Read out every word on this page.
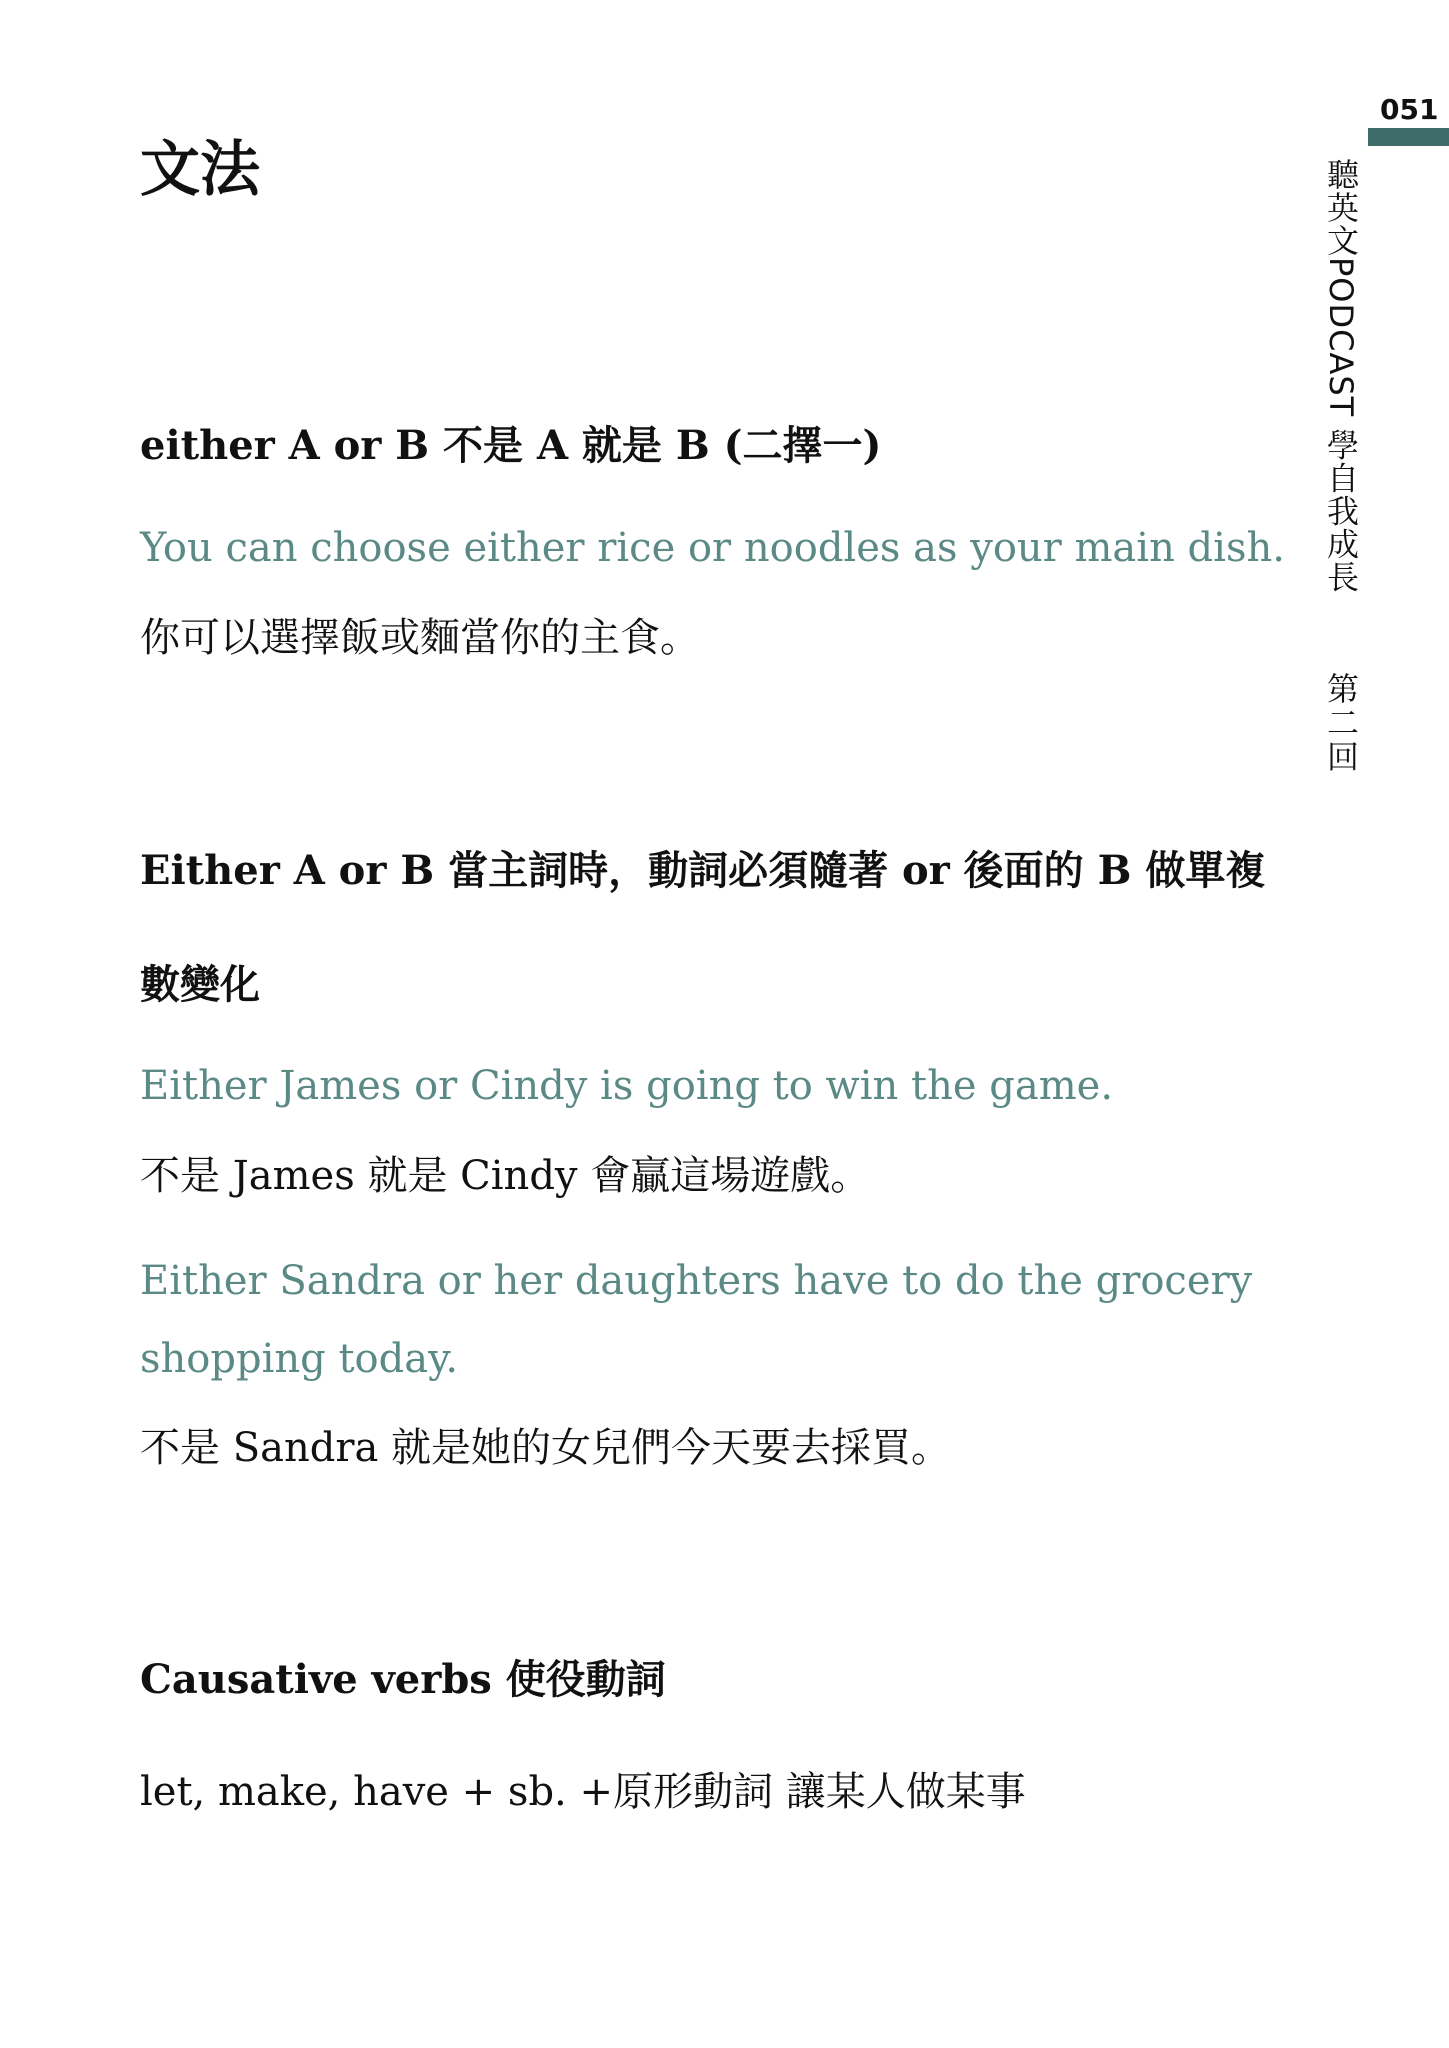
051
聽英文PODCAST 學自我成長
第二回
文法
either A or B 不是 A 就是 B (二擇一)
You can choose either rice or noodles as your main dish.
你可以選擇飯或麵當你的主食。
Either A or B 當主詞時，動詞必須隨著 or 後面的 B 做單複數變化
Either James or Cindy is going to win the game.
不是 James 就是 Cindy 會贏這場遊戲。
Either Sandra or her daughters have to do the grocery shopping today.
不是 Sandra 就是她的女兒們今天要去採買。
Causative verbs 使役動詞
let, make, have + sb. +原形動詞 讓某人做某事
